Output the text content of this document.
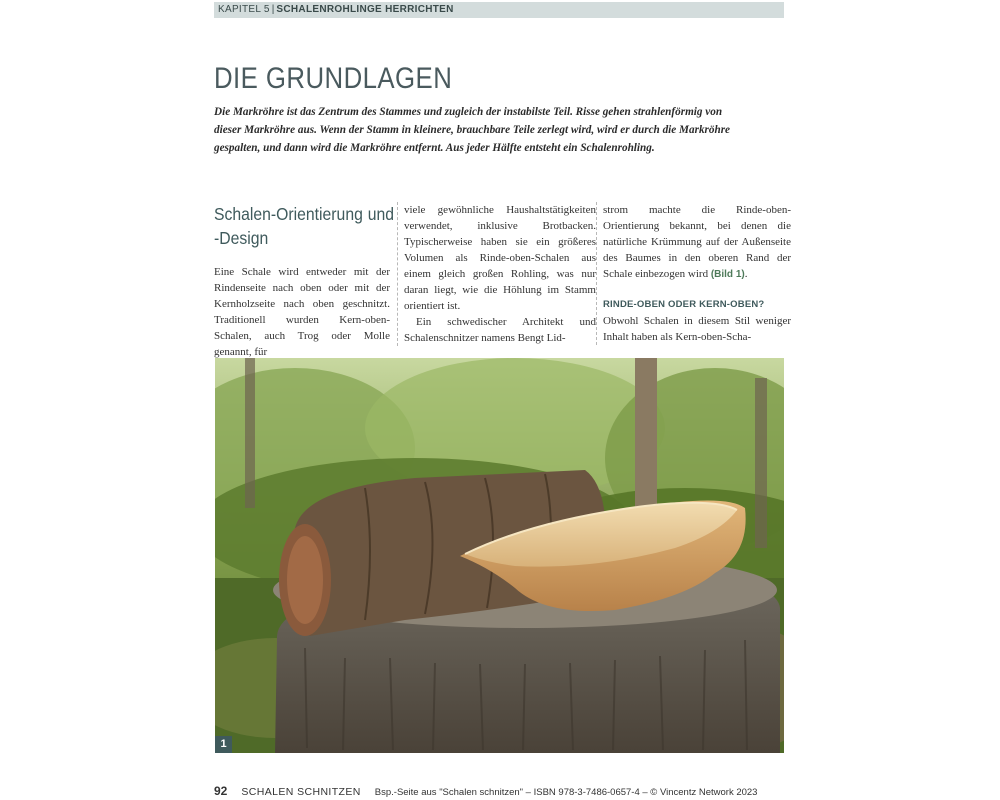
KAPITEL 5 | SCHALENROHLINGE HERRICHTEN
DIE GRUNDLAGEN

Die Markröhre ist das Zentrum des Stammes und zugleich der instabilste Teil. Risse gehen strahlenförmig von dieser Markröhre aus. Wenn der Stamm in kleinere, brauchbare Teile zerlegt wird, wird er durch die Markröhre gespalten, und dann wird die Markröhre entfernt. Aus jeder Hälfte entsteht ein Schalenrohling.

Schalen-Orientierung und -Design

Eine Schale wird entweder mit der Rindenseite nach oben oder mit der Kernholzseite nach oben geschnitzt. Traditionell wurden Kern-oben-Schalen, auch Trog oder Molle genannt, für

viele gewöhnliche Haushaltstätigkeiten verwendet, inklusive Brotbacken. Typischerweise haben sie ein größeres Volumen als Rinde-oben-Schalen aus einem gleich großen Rohling, was nur daran liegt, wie die Höhlung im Stamm orientiert ist.

Ein schwedischer Architekt und Schalenschnitzer namens Bengt Lid-

strom machte die Rinde-oben-Orientierung bekannt, bei denen die natürliche Krümmung auf der Außenseite des Baumes in den oberen Rand der Schale einbezogen wird (Bild 1).

RINDE-OBEN ODER KERN-OBEN?

Obwohl Schalen in diesem Stil weniger Inhalt haben als Kern-oben-Scha-

1
92 SCHALEN SCHNITZEN Bsp.-Seite aus "Schalen schnitzen" – ISBN 978-3-7486-0657-4 – © Vincentz Network 2023
